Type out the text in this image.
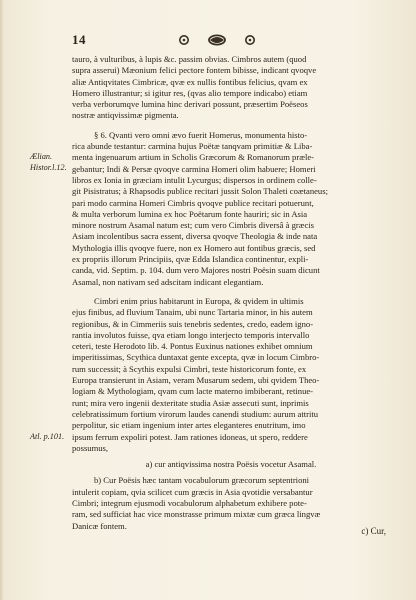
14

tauro, à vulturibus, à lupis &c. passim obvias. Cimbros autem (quod

supra asserui) Mæonium felici pectore fontem bibisse, indicant qvoqve

aliæ Antiqvitates Cimbricæ, qvæ ex nullis fontibus felicius, qvam ex

Homero illustrantur; si igitur res, (qvas alio tempore indicabo) etiam

verba verborumqve lumina hinc derivari possunt, præsertim Poëseos

nostræ antiqvissimæ pigmenta.

§ 6. Qvanti vero omni ævo fuerit Homerus, monumenta histo-

rica abunde testantur: carmina hujus Poëtæ tanqvam primitiæ & Liba-

menta ingenuarum artium in Scholis Græcorum & Romanorum præle-

gebantur; Indi & Persæ qvoqve carmina Homeri olim habuere; Homeri

libros ex Ionia in græciam intulit Lycurgus; dispersos in ordinem colle-

git Pisistratus; à Rhapsodis publice recitari jussit Solon Thaleti coætaneus;

pari modo carmina Homeri Cimbris qvoqve publice recitari potuerunt,

& multa verborum lumina ex hoc Poëtarum fonte hauriri; sic in Asia

minore nostrum Asamal natum est; cum vero Cimbris diversâ à græcis

Asiam incolentibus sacra essent, diversa qvoqve Theologia & inde nata

Mythologia illis qvoqve fuere, non ex Homero aut fontibus græcis, sed

ex propriis illorum Principiis, qvæ Edda Islandica continentur, expli-

canda, vid. Septim. p. 104. dum vero Majores nostri Poësin suam dicunt

Asamal, non nativam sed adscitam indicant elegantiam.

Cimbri enim prius habitarunt in Europa, & qvidem in ultimis

ejus finibus, ad fluvium Tanaim, ubi nunc Tartaria minor, in his autem

regionibus, & in Cimmeriis suis tenebris sedentes, credo, eadem igno-

rantia involutos fuisse, qva etiam longo interjecto temporis intervallo

ceteri, teste Herodoto lib. 4. Pontus Euxinus nationes exhibet omnium

imperitissimas, Scythica duntaxat gente excepta, qvæ in locum Cimbro-

rum successit; à Scythis expulsi Cimbri, teste historicorum fonte, ex

Europa transierunt in Asiam, veram Musarum sedem, ubi qvidem Theo-

logiam & Mythologiam, qvam cum lacte materno imbiberant, retinue-

runt; mira vero ingenii dexteritate studia Asiæ assecuti sunt, inprimis

celebratissimum fortium virorum laudes canendi studium: aurum attritu

perpolitur, sic etiam ingenium inter artes eleganteres enutritum, imo

ipsum ferrum expoliri potest. Jam rationes idoneas, ut spero, reddere

possumus,

a) cur antiqvissima nostra Poësis vocetur Asamal.

b) Cur Poësis hæc tantam vocabulorum græcorum septentrioni

intulerit copiam, qvia scilicet cum græcis in Asia qvotidie versabantur

Cimbri; integrum ejusmodi vocabulorum alphabetum exhibere pote-

ram, sed sufficiat hac vice monstrasse primum mixtæ cum græca lingvæ

Danicæ fontem.

Ælian.
Histor.l.12.
Atl. p.101.
c) Cur,
